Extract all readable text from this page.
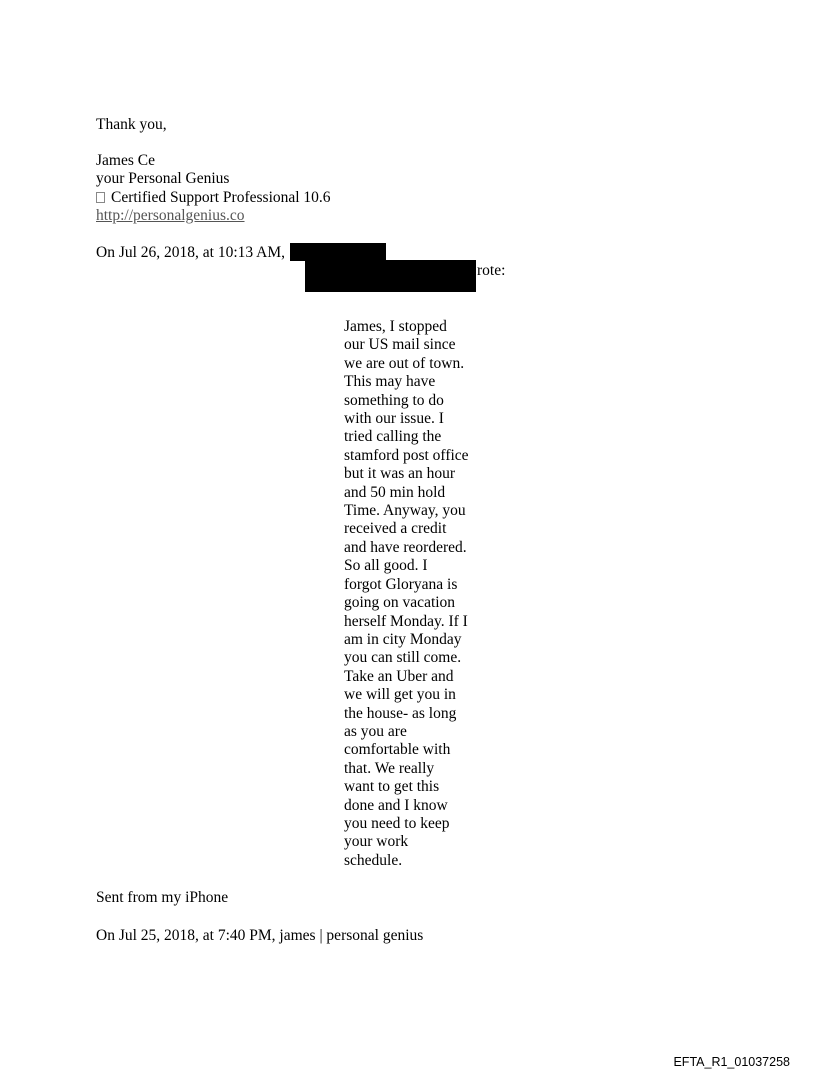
Thank you,
James Ce
your Personal Genius
Certified Support Professional 10.6
http://personalgenius.co
On Jul 26, 2018, at 10:13 AM,
rote:
James, I stopped
our US mail since
we are out of town.
This may have
something to do
with our issue. I
tried calling the
stamford post office
but it was an hour
and 50 min hold
Time. Anyway, you
received a credit
and have reordered.
So all good. I
forgot Gloryana is
going on vacation
herself Monday. If I
am in city Monday
you can still come.
Take an Uber and
we will get you in
the house- as long
as you are
comfortable with
that. We really
want to get this
done and I know
you need to keep
your work
schedule.
Sent from my iPhone
On Jul 25, 2018, at 7:40 PM, james | personal genius
EFTA_R1_01037258
